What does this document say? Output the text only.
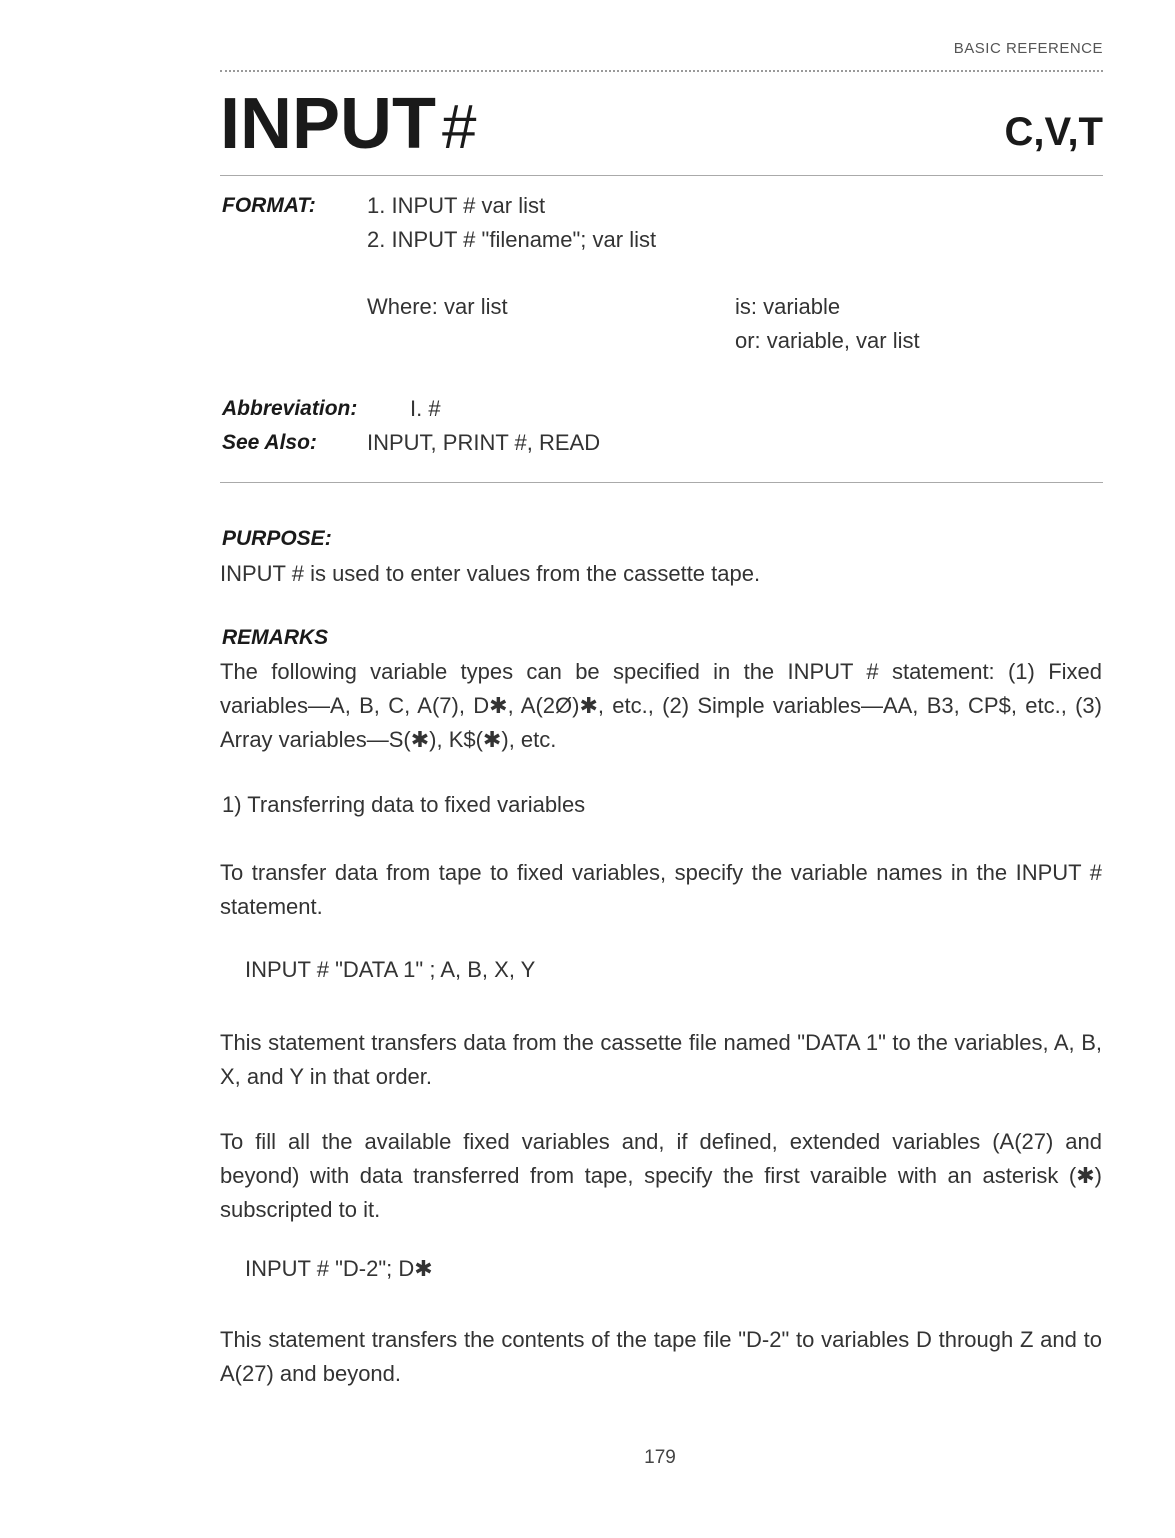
BASIC REFERENCE
INPUT#	C,V,T
FORMAT: 1. INPUT # var list
2. INPUT # "filename"; var list
Where: var list	is: variable
or: variable, var list
Abbreviation: I. #
See Also: INPUT, PRINT #, READ
PURPOSE:
INPUT # is used to enter values from the cassette tape.
REMARKS
The following variable types can be specified in the INPUT # statement: (1) Fixed variables—A, B, C, A(7), D✱, A(2Ø)✱, etc., (2) Simple variables—AA, B3, CP$, etc., (3) Array variables—S(✱), K$(✱), etc.
1) Transferring data to fixed variables
To transfer data from tape to fixed variables, specify the variable names in the INPUT # statement.
INPUT # "DATA 1" ; A, B, X, Y
This statement transfers data from the cassette file named "DATA 1" to the variables, A, B, X, and Y in that order.
To fill all the available fixed variables and, if defined, extended variables (A(27) and beyond) with data transferred from tape, specify the first varaible with an asterisk (✱) subscripted to it.
INPUT # "D-2"; D✱
This statement transfers the contents of the tape file "D-2" to variables D through Z and to A(27) and beyond.
179
